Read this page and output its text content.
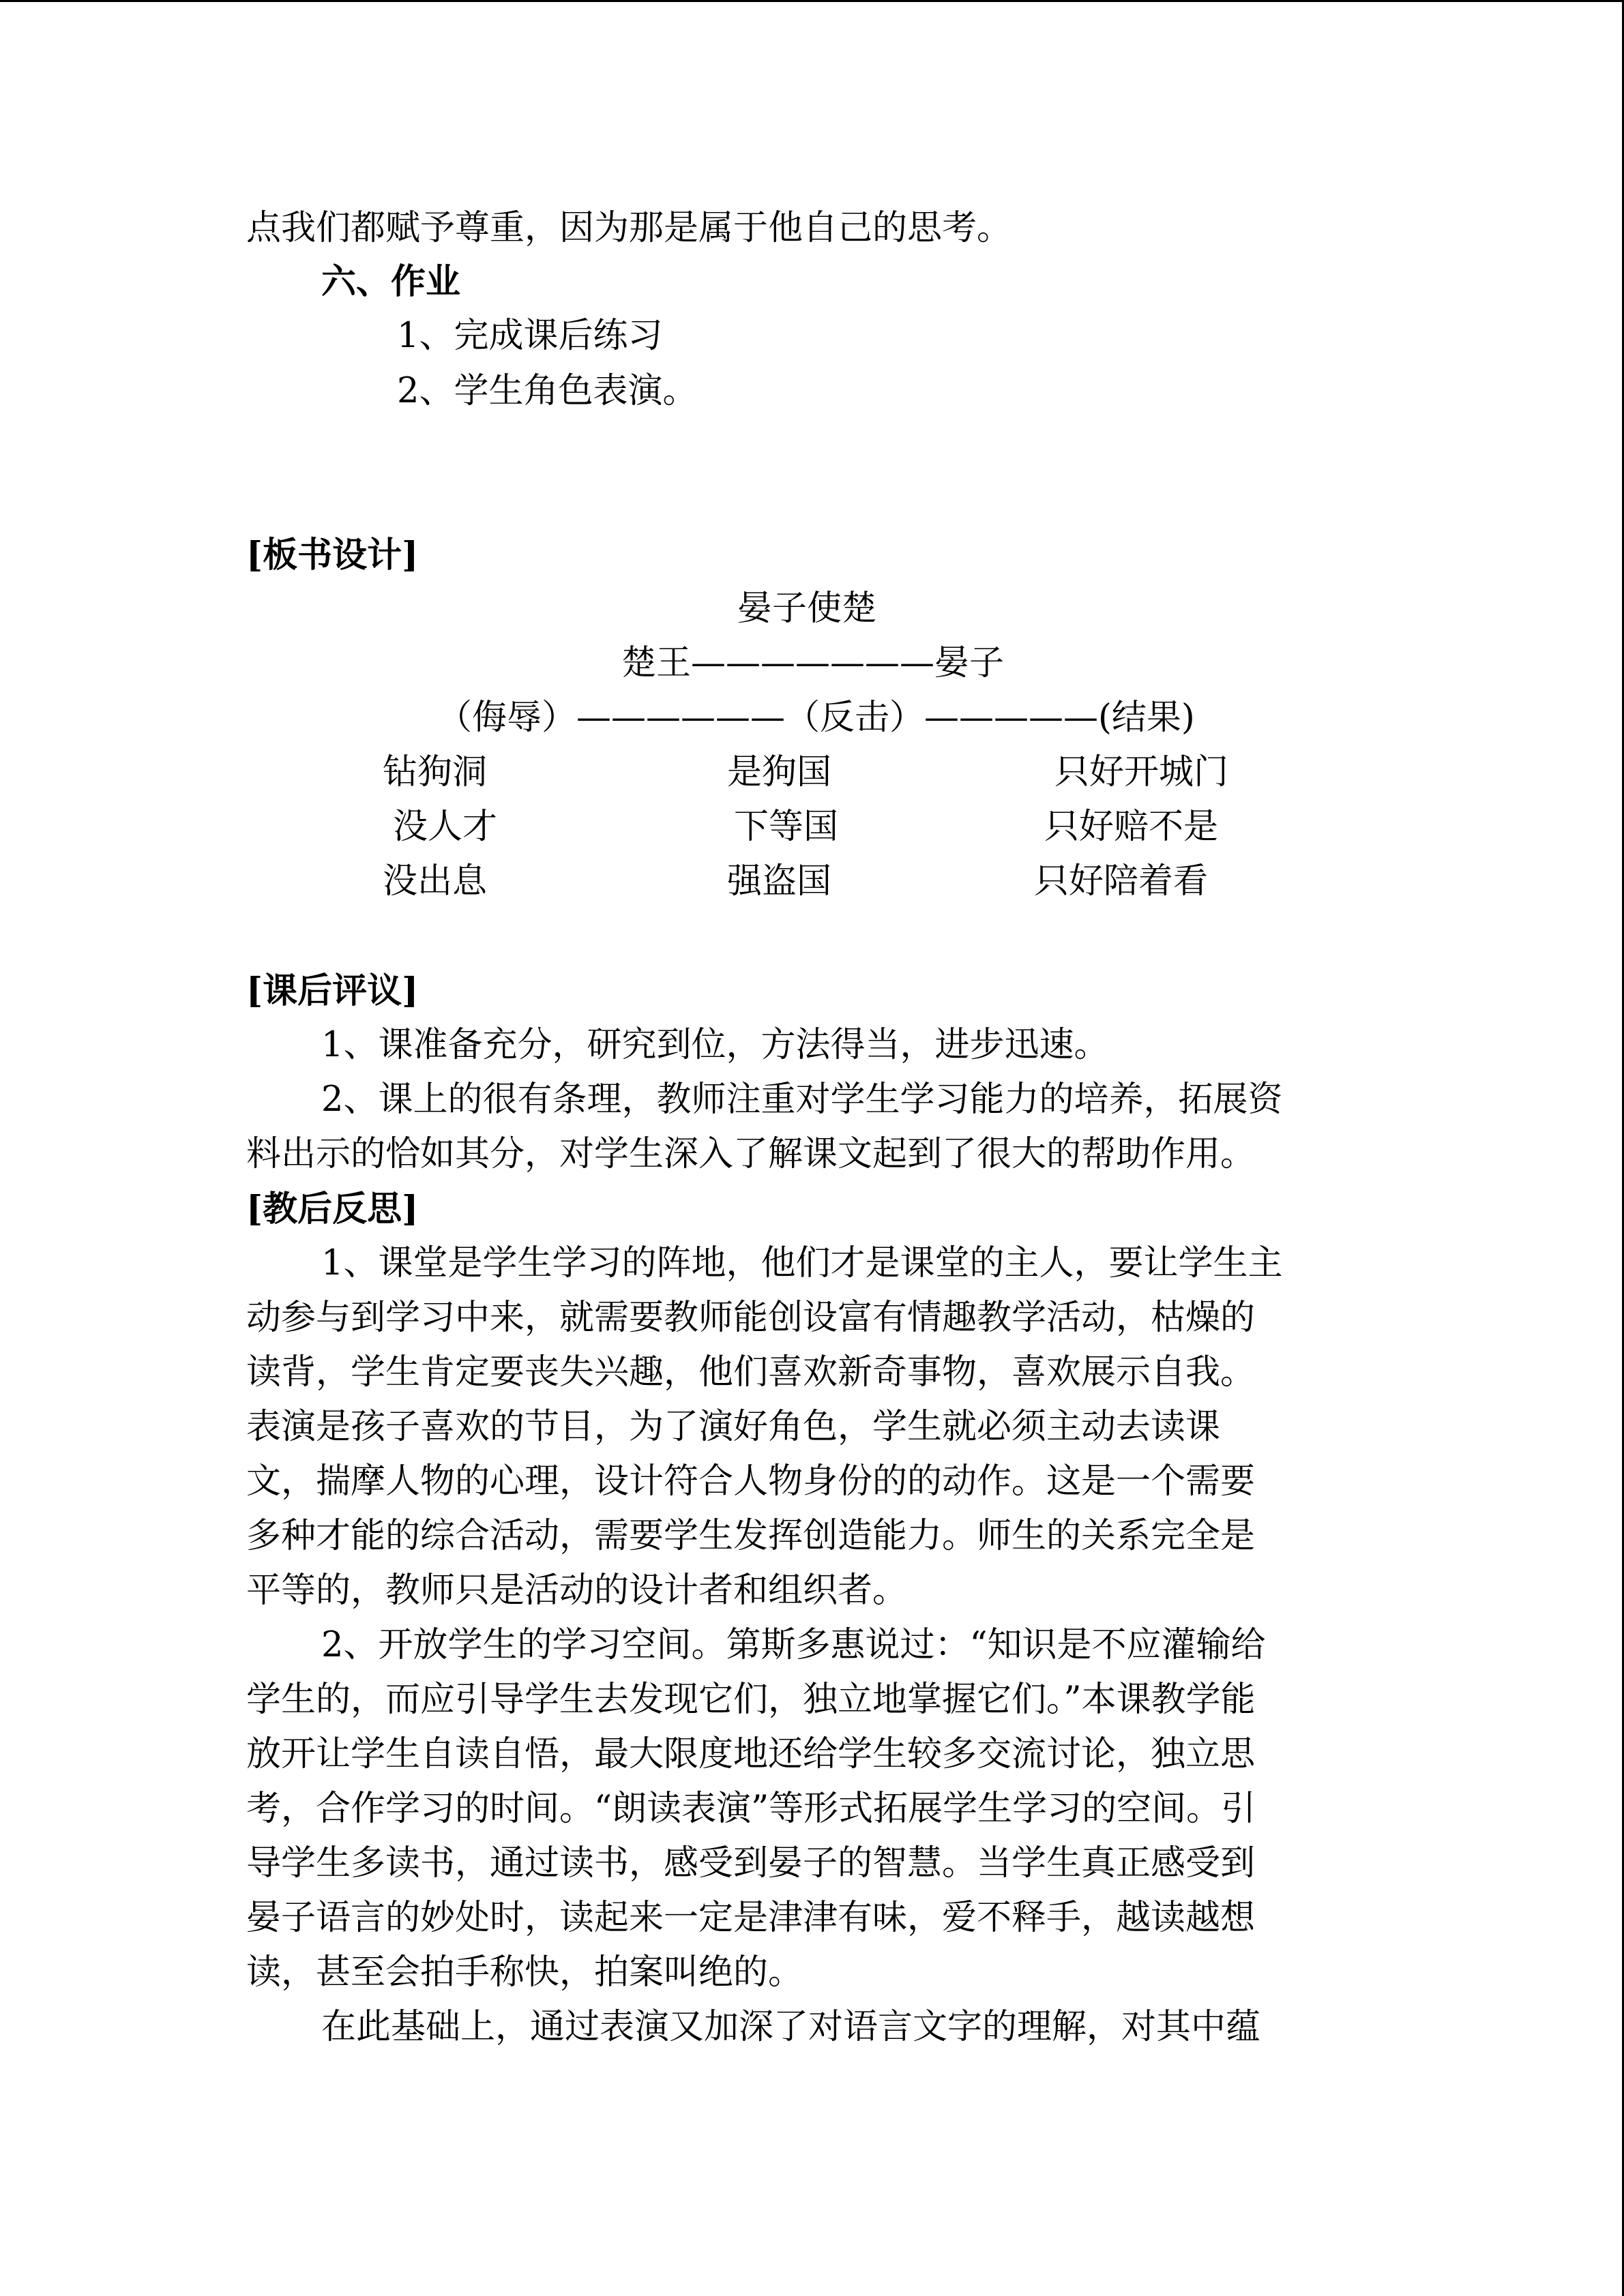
点我们都赋予尊重，因为那是属于他自己的思考。
六、作业
1、完成课后练习
2、学生角色表演。
[板书设计]
晏子使楚
楚王———————晏子
（侮辱）——————（反击）—————(结果)
钻狗洞	是狗国	只好开城门
没人才	下等国	只好赔不是
没出息	强盗国	只好陪着看
[课后评议]
1、课准备充分，研究到位，方法得当，进步迅速。
2、课上的很有条理，教师注重对学生学习能力的培养，拓展资
料出示的恰如其分，对学生深入了解课文起到了很大的帮助作用。
[教后反思]
1、课堂是学生学习的阵地，他们才是课堂的主人，要让学生主
动参与到学习中来，就需要教师能创设富有情趣教学活动，枯燥的
读背，学生肯定要丧失兴趣，他们喜欢新奇事物，喜欢展示自我。
表演是孩子喜欢的节目，为了演好角色，学生就必须主动去读课
文，揣摩人物的心理，设计符合人物身份的的动作。这是一个需要
多种才能的综合活动，需要学生发挥创造能力。师生的关系完全是
平等的，教师只是活动的设计者和组织者。
2、开放学生的学习空间。第斯多惠说过：“知识是不应灌输给
学生的，而应引导学生去发现它们，独立地掌握它们。”本课教学能
放开让学生自读自悟，最大限度地还给学生较多交流讨论，独立思
考，合作学习的时间。“朗读表演”等形式拓展学生学习的空间。引
导学生多读书，通过读书，感受到晏子的智慧。当学生真正感受到
晏子语言的妙处时，读起来一定是津津有味，爱不释手，越读越想
读，甚至会拍手称快，拍案叫绝的。
在此基础上，通过表演又加深了对语言文字的理解，对其中蕴
